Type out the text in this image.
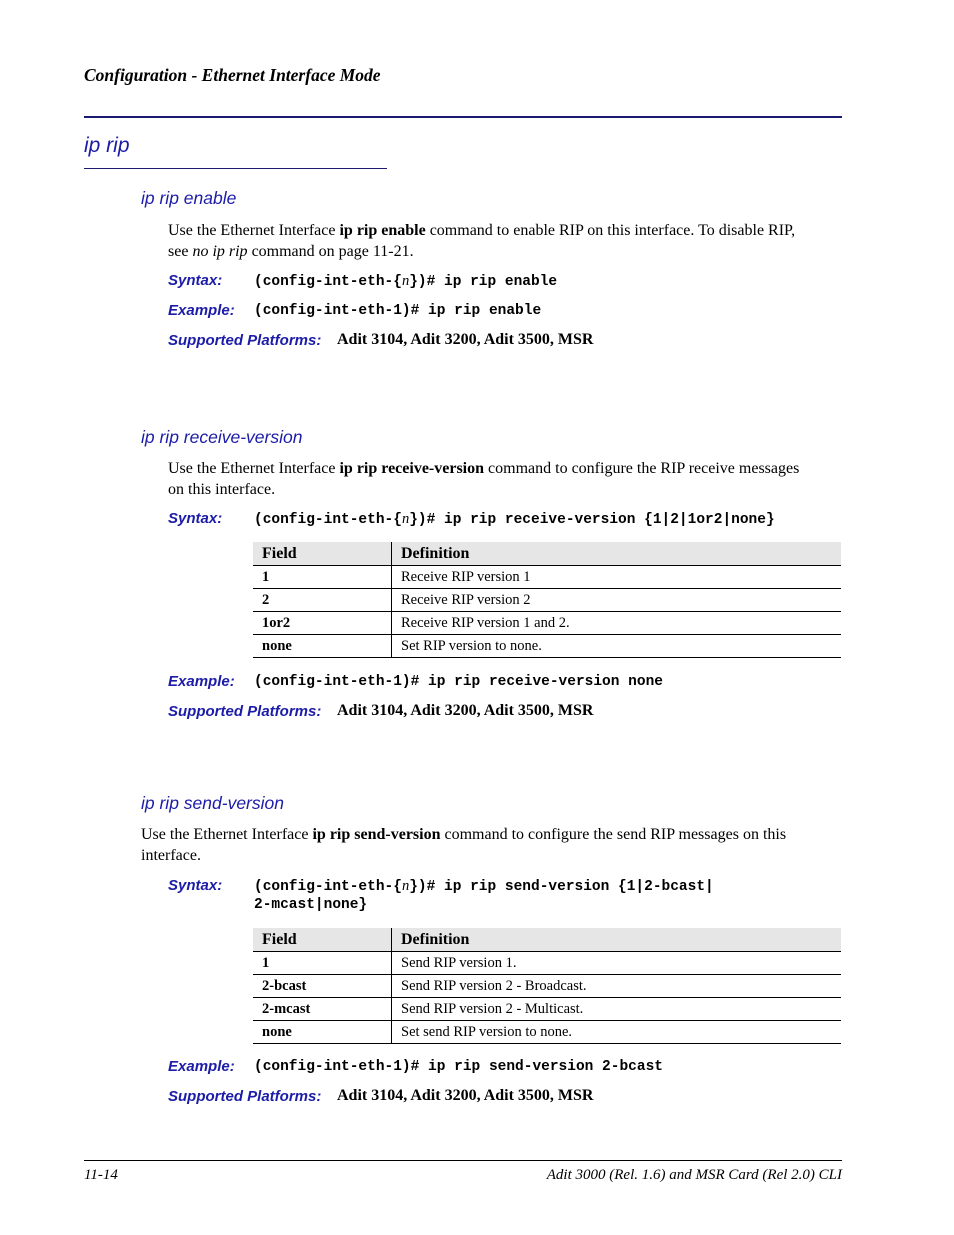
Configuration - Ethernet Interface Mode
ip rip
ip rip enable
Use the Ethernet Interface ip rip enable command to enable RIP on this interface. To disable RIP,
see no ip rip command on page 11-21.
Syntax: (config-int-eth-{n})# ip rip enable
Example: (config-int-eth-1)# ip rip enable
Supported Platforms: Adit 3104, Adit 3200, Adit 3500, MSR
ip rip receive-version
Use the Ethernet Interface ip rip receive-version command to configure the RIP receive messages
on this interface.
Syntax: (config-int-eth-{n})# ip rip receive-version {1|2|1or2|none}
Field	Definition
1	Receive RIP version 1
2	Receive RIP version 2
1or2	Receive RIP version 1 and 2.
none	Set RIP version to none.
Example: (config-int-eth-1)# ip rip receive-version none
Supported Platforms: Adit 3104, Adit 3200, Adit 3500, MSR
ip rip send-version
Use the Ethernet Interface ip rip send-version command to configure the send RIP messages on this
interface.
Syntax: (config-int-eth-{n})# ip rip send-version {1|2-bcast|
2-mcast|none}
Field	Definition
1	Send RIP version 1.
2-bcast	Send RIP version 2 - Broadcast.
2-mcast	Send RIP version 2 - Multicast.
none	Set send RIP version to none.
Example: (config-int-eth-1)# ip rip send-version 2-bcast
Supported Platforms: Adit 3104, Adit 3200, Adit 3500, MSR
11-14	Adit 3000 (Rel. 1.6) and MSR Card (Rel 2.0) CLI
